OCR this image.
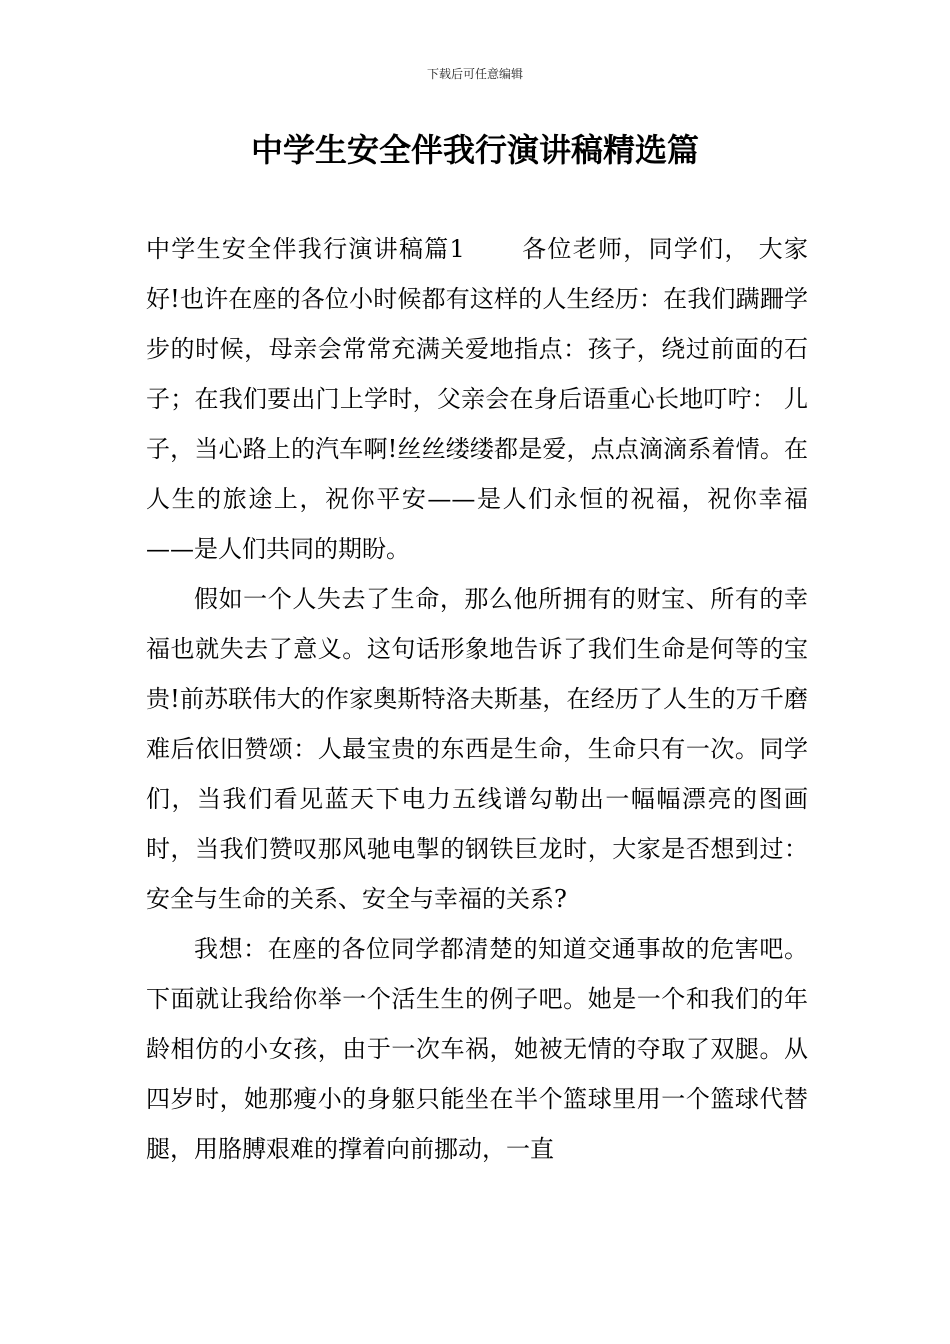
下载后可任意编辑
中学生安全伴我行演讲稿精选篇

中学生安全伴我行演讲稿篇1 各位老师，同学们， 大家好!也许在座的各位小时候都有这样的人生经历：在我们蹒跚学步的时候，母亲会常常充满关爱地指点：孩子，绕过前面的石子；在我们要出门上学时，父亲会在身后语重心长地叮咛： 儿子，当心路上的汽车啊!丝丝缕缕都是爱，点点滴滴系着情。在人生的旅途上，祝你平安——是人们永恒的祝福，祝你幸福——是人们共同的期盼。

假如一个人失去了生命，那么他所拥有的财宝、所有的幸福也就失去了意义。这句话形象地告诉了我们生命是何等的宝贵!前苏联伟大的作家奥斯特洛夫斯基，在经历了人生的万千磨难后依旧赞颂：人最宝贵的东西是生命，生命只有一次。同学们，当我们看见蓝天下电力五线谱勾勒出一幅幅漂亮的图画时，当我们赞叹那风驰电掣的钢铁巨龙时，大家是否想到过：安全与生命的关系、安全与幸福的关系?

我想：在座的各位同学都清楚的知道交通事故的危害吧。下面就让我给你举一个活生生的例子吧。她是一个和我们的年龄相仿的小女孩，由于一次车祸，她被无情的夺取了双腿。从四岁时，她那瘦小的身躯只能坐在半个篮球里用一个篮球代替腿，用胳膊艰难的撑着向前挪动，一直
